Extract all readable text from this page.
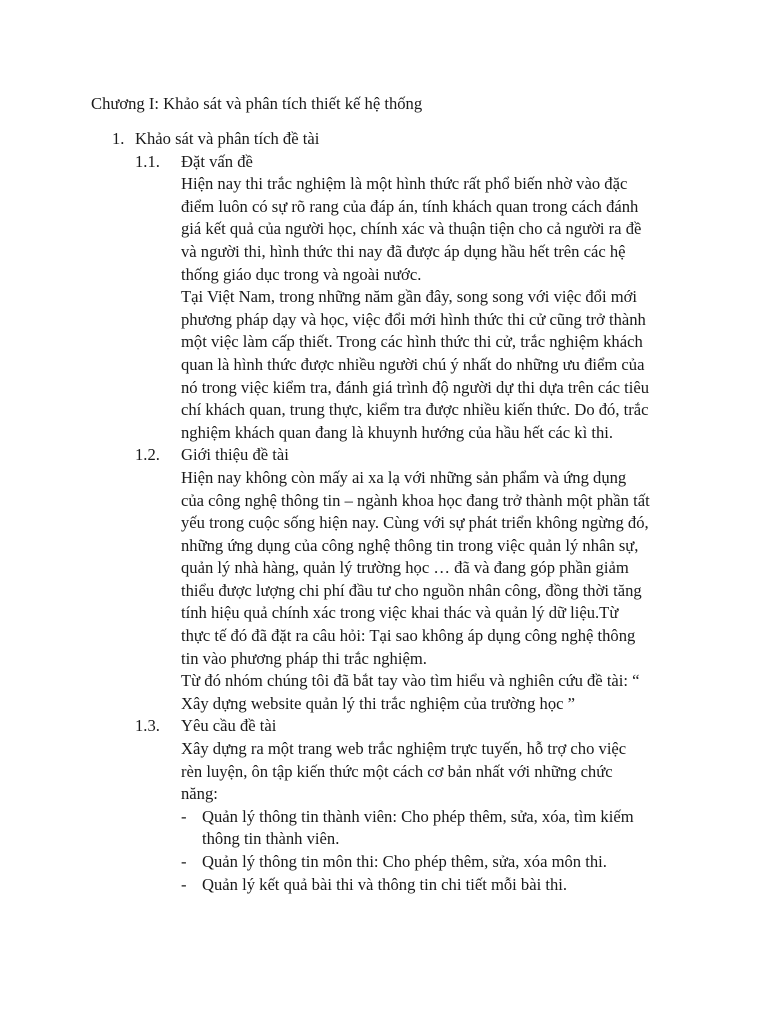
Chương I: Khảo sát và phân tích thiết kế hệ thống
1. Khảo sát và phân tích đề tài
1.1.	Đặt vấn đề
Hiện nay thi trắc nghiệm là một hình thức rất phổ biến nhờ vào đặc
điểm luôn có sự rõ rang của đáp án, tính khách quan trong cách đánh
giá kết quả của người học, chính xác và thuận tiện cho cả người ra đề
và người thi, hình thức thi nay đã được áp dụng hầu hết trên các hệ
thống giáo dục trong và ngoài nước.
Tại Việt Nam, trong những năm gần đây, song song với việc đổi mới
phương pháp dạy và học, việc đổi mới hình thức thi cử cũng trở thành
một việc làm cấp thiết. Trong các hình thức thi cử, trắc nghiệm khách
quan là hình thức được nhiều người chú ý nhất do những ưu điểm của
nó trong việc kiểm tra, đánh giá trình độ người dự thi dựa trên các tiêu
chí khách quan, trung thực, kiểm tra được nhiều kiến thức. Do đó, trắc
nghiệm khách quan đang là khuynh hướng của hầu hết các kì thi.
1.2.	Giới thiệu đề tài
Hiện nay không còn mấy ai xa lạ với những sản phẩm và ứng dụng
của công nghệ thông tin – ngành khoa học đang trở thành một phần tất
yếu trong cuộc sống hiện nay. Cùng với sự phát triển không ngừng đó,
những ứng dụng của công nghệ thông tin trong việc quản lý nhân sự,
quản lý nhà hàng, quản lý trường học … đã và đang góp phần giảm
thiểu được lượng chi phí đầu tư cho nguồn nhân công, đồng thời tăng
tính hiệu quả chính xác trong việc khai thác và quản lý dữ liệu.Từ
thực tế đó đã đặt ra câu hỏi: Tại sao không áp dụng công nghệ thông
tin vào phương pháp thi trắc nghiệm.
Từ đó nhóm chúng tôi đã bắt tay vào tìm hiểu và nghiên cứu đề tài: “
Xây dựng website quản lý thi trắc nghiệm của trường học ”
1.3.	Yêu cầu đề tài
Xây dựng ra một trang web trắc nghiệm trực tuyến, hỗ trợ cho việc
rèn luyện, ôn tập kiến thức một cách cơ bản nhất với những chức
năng:
- Quản lý thông tin thành viên: Cho phép thêm, sửa, xóa, tìm kiếm
thông tin thành viên.
- Quản lý thông tin môn thi: Cho phép thêm, sửa, xóa môn thi.
- Quản lý kết quả bài thi và thông tin chi tiết mỗi bài thi.
